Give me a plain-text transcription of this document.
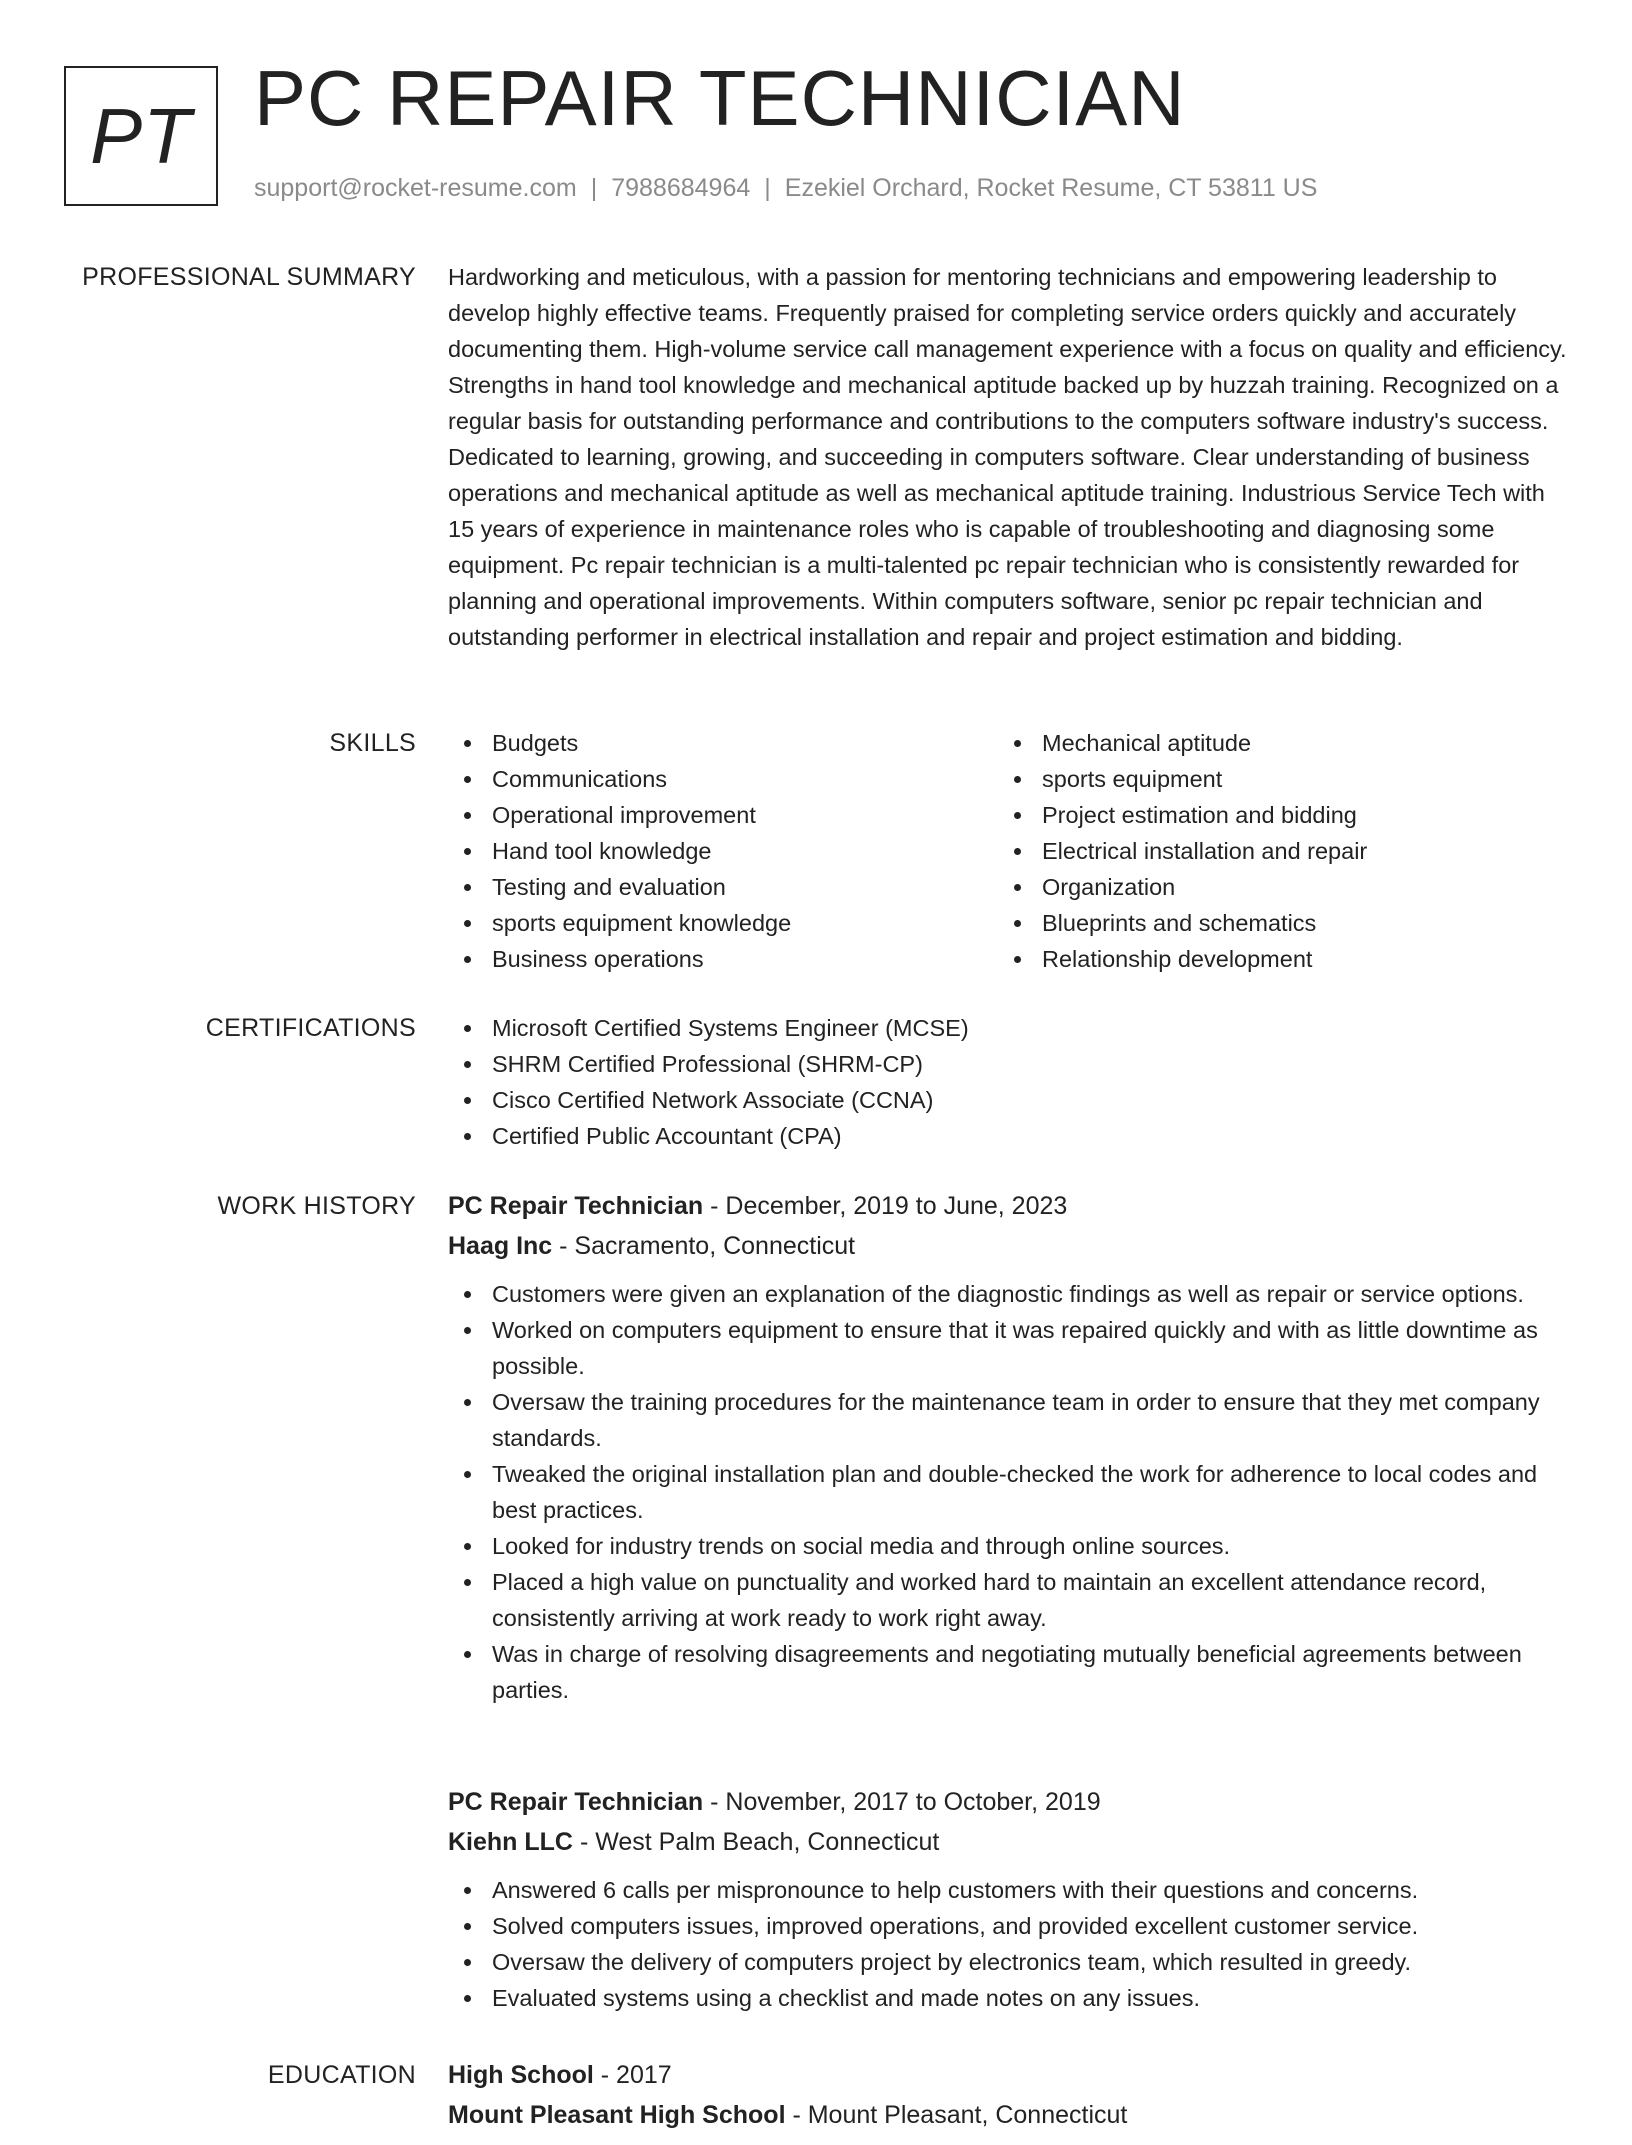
PT PC REPAIR TECHNICIAN
support@rocket-resume.com | 7988684964 | Ezekiel Orchard, Rocket Resume, CT 53811 US
PROFESSIONAL SUMMARY Hardworking and meticulous, with a passion for mentoring technicians and empowering leadership to develop highly effective teams. Frequently praised for completing service orders quickly and accurately documenting them. High-volume service call management experience with a focus on quality and efficiency. Strengths in hand tool knowledge and mechanical aptitude backed up by huzzah training. Recognized on a regular basis for outstanding performance and contributions to the computers software industry's success. Dedicated to learning, growing, and succeeding in computers software. Clear understanding of business operations and mechanical aptitude as well as mechanical aptitude training. Industrious Service Tech with 15 years of experience in maintenance roles who is capable of troubleshooting and diagnosing some equipment. Pc repair technician is a multi-talented pc repair technician who is consistently rewarded for planning and operational improvements. Within computers software, senior pc repair technician and outstanding performer in electrical installation and repair and project estimation and bidding.

SKILLS	Budgets
Communications
Operational improvement
Hand tool knowledge
Testing and evaluation
sports equipment knowledge
Business operations
Mechanical aptitude
sports equipment
Project estimation and bidding
Electrical installation and repair
Organization
Blueprints and schematics
Relationship development
CERTIFICATIONS	Microsoft Certified Systems Engineer (MCSE)
SHRM Certified Professional (SHRM-CP)
Cisco Certified Network Associate (CCNA)
Certified Public Accountant (CPA)
WORK HISTORY PC Repair Technician - December, 2019 to June, 2023
Haag Inc - Sacramento, Connecticut
Customers were given an explanation of the diagnostic findings as well as repair or service options.
Worked on computers equipment to ensure that it was repaired quickly and with as little downtime as possible.
Oversaw the training procedures for the maintenance team in order to ensure that they met company standards.
Tweaked the original installation plan and double-checked the work for adherence to local codes and best practices.
Looked for industry trends on social media and through online sources.
Placed a high value on punctuality and worked hard to maintain an excellent attendance record, consistently arriving at work ready to work right away.
Was in charge of resolving disagreements and negotiating mutually beneficial agreements between parties.
PC Repair Technician - November, 2017 to October, 2019
Kiehn LLC - West Palm Beach, Connecticut
Answered 6 calls per mispronounce to help customers with their questions and concerns.
Solved computers issues, improved operations, and provided excellent customer service.
Oversaw the delivery of computers project by electronics team, which resulted in greedy.
Evaluated systems using a checklist and made notes on any issues.
EDUCATION High School - 2017
Mount Pleasant High School - Mount Pleasant, Connecticut
